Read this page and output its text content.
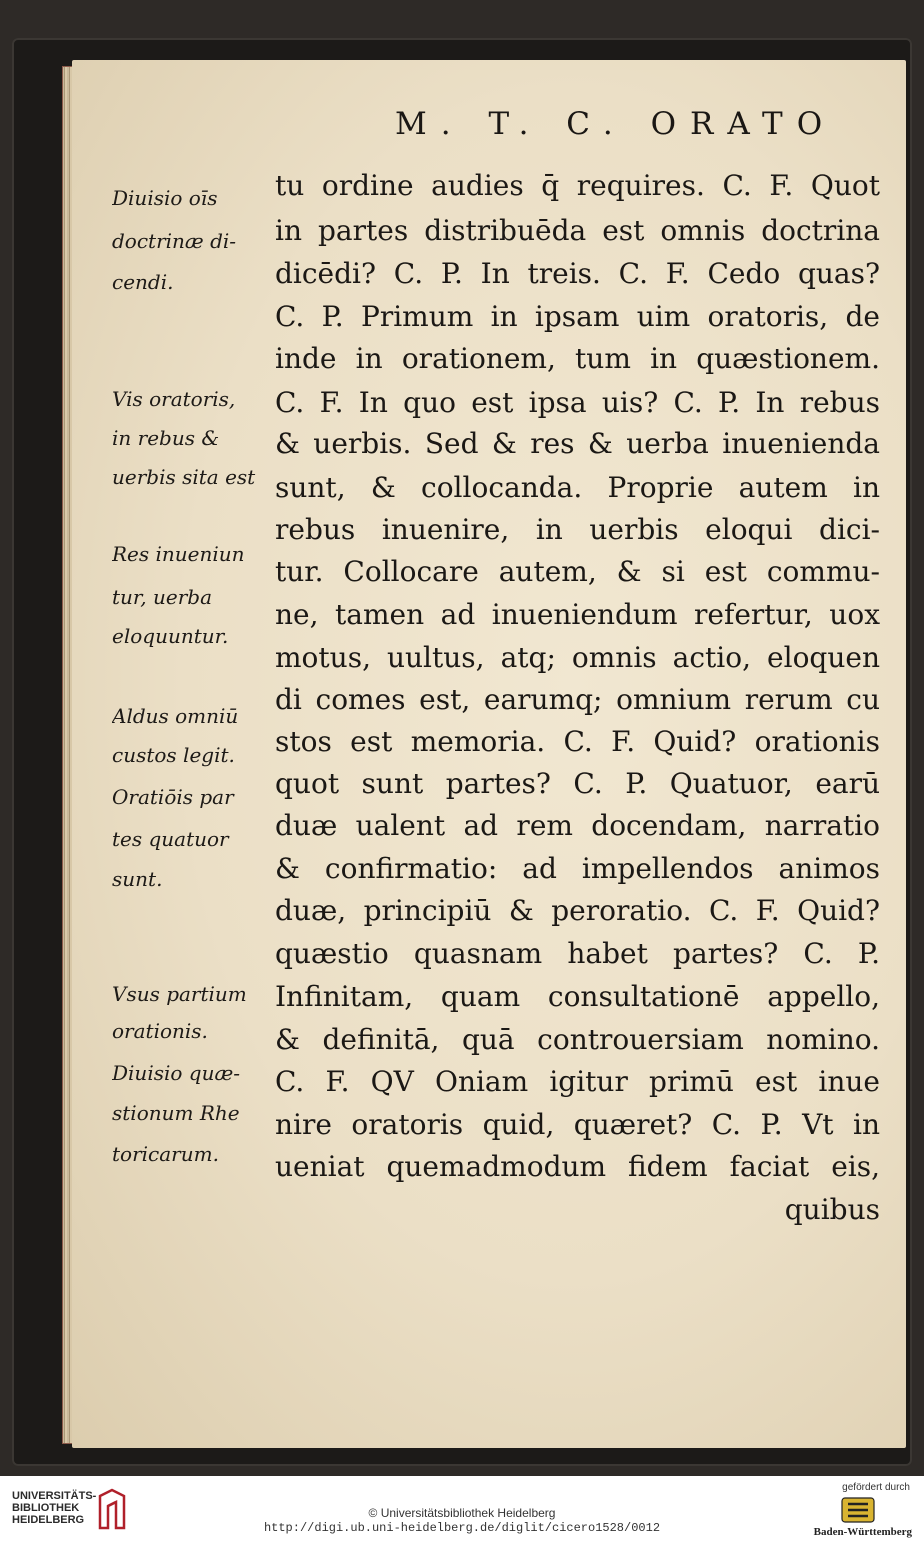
M. T. C. ORATO
tu ordine audies q̄ requires. C. F. Quot
in partes distribuēda est omnis doctrina
dicēdi? C. P. In treis. C. F. Cedo quas?
C. P. Primum in ipsam uim oratoris, de
inde in orationem, tum in quæstionem.
C. F. In quo est ipsa uis? C. P. In rebus
& uerbis. Sed & res & uerba inuenienda
sunt, & collocanda. Proprie autem in
rebus inuenire, in uerbis eloqui dici-
tur. Collocare autem, & si est commu-
ne, tamen ad inueniendum refertur, uox
motus, uultus, atq; omnis actio, eloquen
di comes est, earumq; omnium rerum cu
stos est memoria. C. F. Quid? orationis
quot sunt partes? C. P. Quatuor, earū
duæ ualent ad rem docendam, narratio
& confirmatio: ad impellendos animos
duæ, principiū & peroratio. C. F. Quid?
quæstio quasnam habet partes? C. P.
Infinitam, quam consultationē appello,
& definitā, quā controuersiam nomino.
C. F. QV Oniam igitur primū est inue
nire oratoris quid, quæret? C. P. Vt in
ueniat quemadmodum fidem faciat eis,
quibus
Diuisio oīs
doctrinæ di-
cendi.
Vis oratoris,
in rebus &
uerbis sita est
Res inueniun
tur, uerba
eloquuntur.
Aldus omniū
custos legit.
Oratiōis par
tes quatuor
sunt.
Vsus partium
orationis.
Diuisio quæ-
stionum Rhe
toricarum.
UNIVERSITÄTS-
BIBLIOTHEK
HEIDELBERG	© Universitätsbibliothek Heidelberg
http://digi.ub.uni-heidelberg.de/diglit/cicero1528/0012
gefördert durch
Baden-Württemberg
